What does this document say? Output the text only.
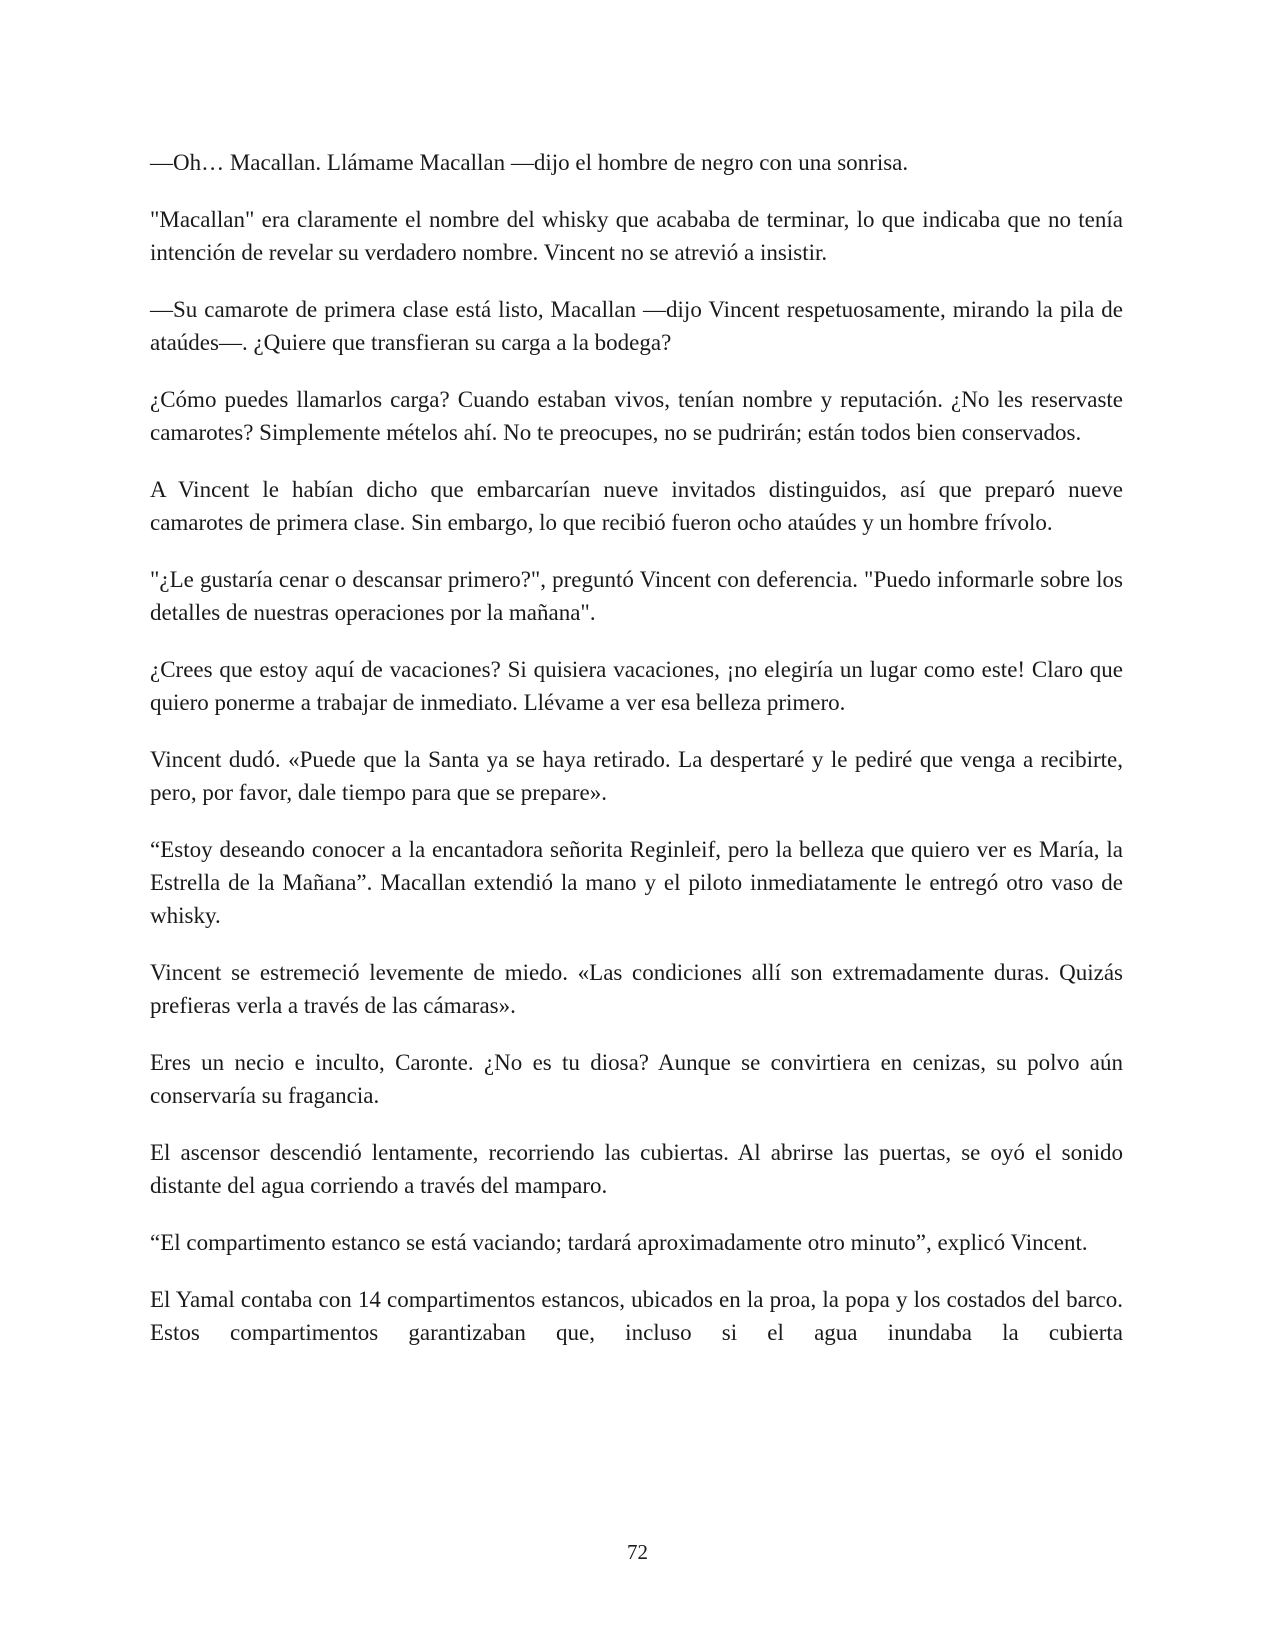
—Oh… Macallan. Llámame Macallan —dijo el hombre de negro con una sonrisa.

"Macallan" era claramente el nombre del whisky que acababa de terminar, lo que indicaba que no tenía intención de revelar su verdadero nombre. Vincent no se atrevió a insistir.

—Su camarote de primera clase está listo, Macallan —dijo Vincent respetuosamente, mirando la pila de ataúdes—. ¿Quiere que transfieran su carga a la bodega?

¿Cómo puedes llamarlos carga? Cuando estaban vivos, tenían nombre y reputación. ¿No les reservaste camarotes? Simplemente mételos ahí. No te preocupes, no se pudrirán; están todos bien conservados.

A Vincent le habían dicho que embarcarían nueve invitados distinguidos, así que preparó nueve camarotes de primera clase. Sin embargo, lo que recibió fueron ocho ataúdes y un hombre frívolo.

"¿Le gustaría cenar o descansar primero?", preguntó Vincent con deferencia. "Puedo informarle sobre los detalles de nuestras operaciones por la mañana".

¿Crees que estoy aquí de vacaciones? Si quisiera vacaciones, ¡no elegiría un lugar como este! Claro que quiero ponerme a trabajar de inmediato. Llévame a ver esa belleza primero.

Vincent dudó. «Puede que la Santa ya se haya retirado. La despertaré y le pediré que venga a recibirte, pero, por favor, dale tiempo para que se prepare».

“Estoy deseando conocer a la encantadora señorita Reginleif, pero la belleza que quiero ver es María, la Estrella de la Mañana”. Macallan extendió la mano y el piloto inmediatamente le entregó otro vaso de whisky.

Vincent se estremeció levemente de miedo. «Las condiciones allí son extremadamente duras. Quizás prefieras verla a través de las cámaras».

Eres un necio e inculto, Caronte. ¿No es tu diosa? Aunque se convirtiera en cenizas, su polvo aún conservaría su fragancia.

El ascensor descendió lentamente, recorriendo las cubiertas. Al abrirse las puertas, se oyó el sonido distante del agua corriendo a través del mamparo.

“El compartimento estanco se está vaciando; tardará aproximadamente otro minuto”, explicó Vincent.

El Yamal contaba con 14 compartimentos estancos, ubicados en la proa, la popa y los costados del barco. Estos compartimentos garantizaban que, incluso si el agua inundaba la cubierta

72
